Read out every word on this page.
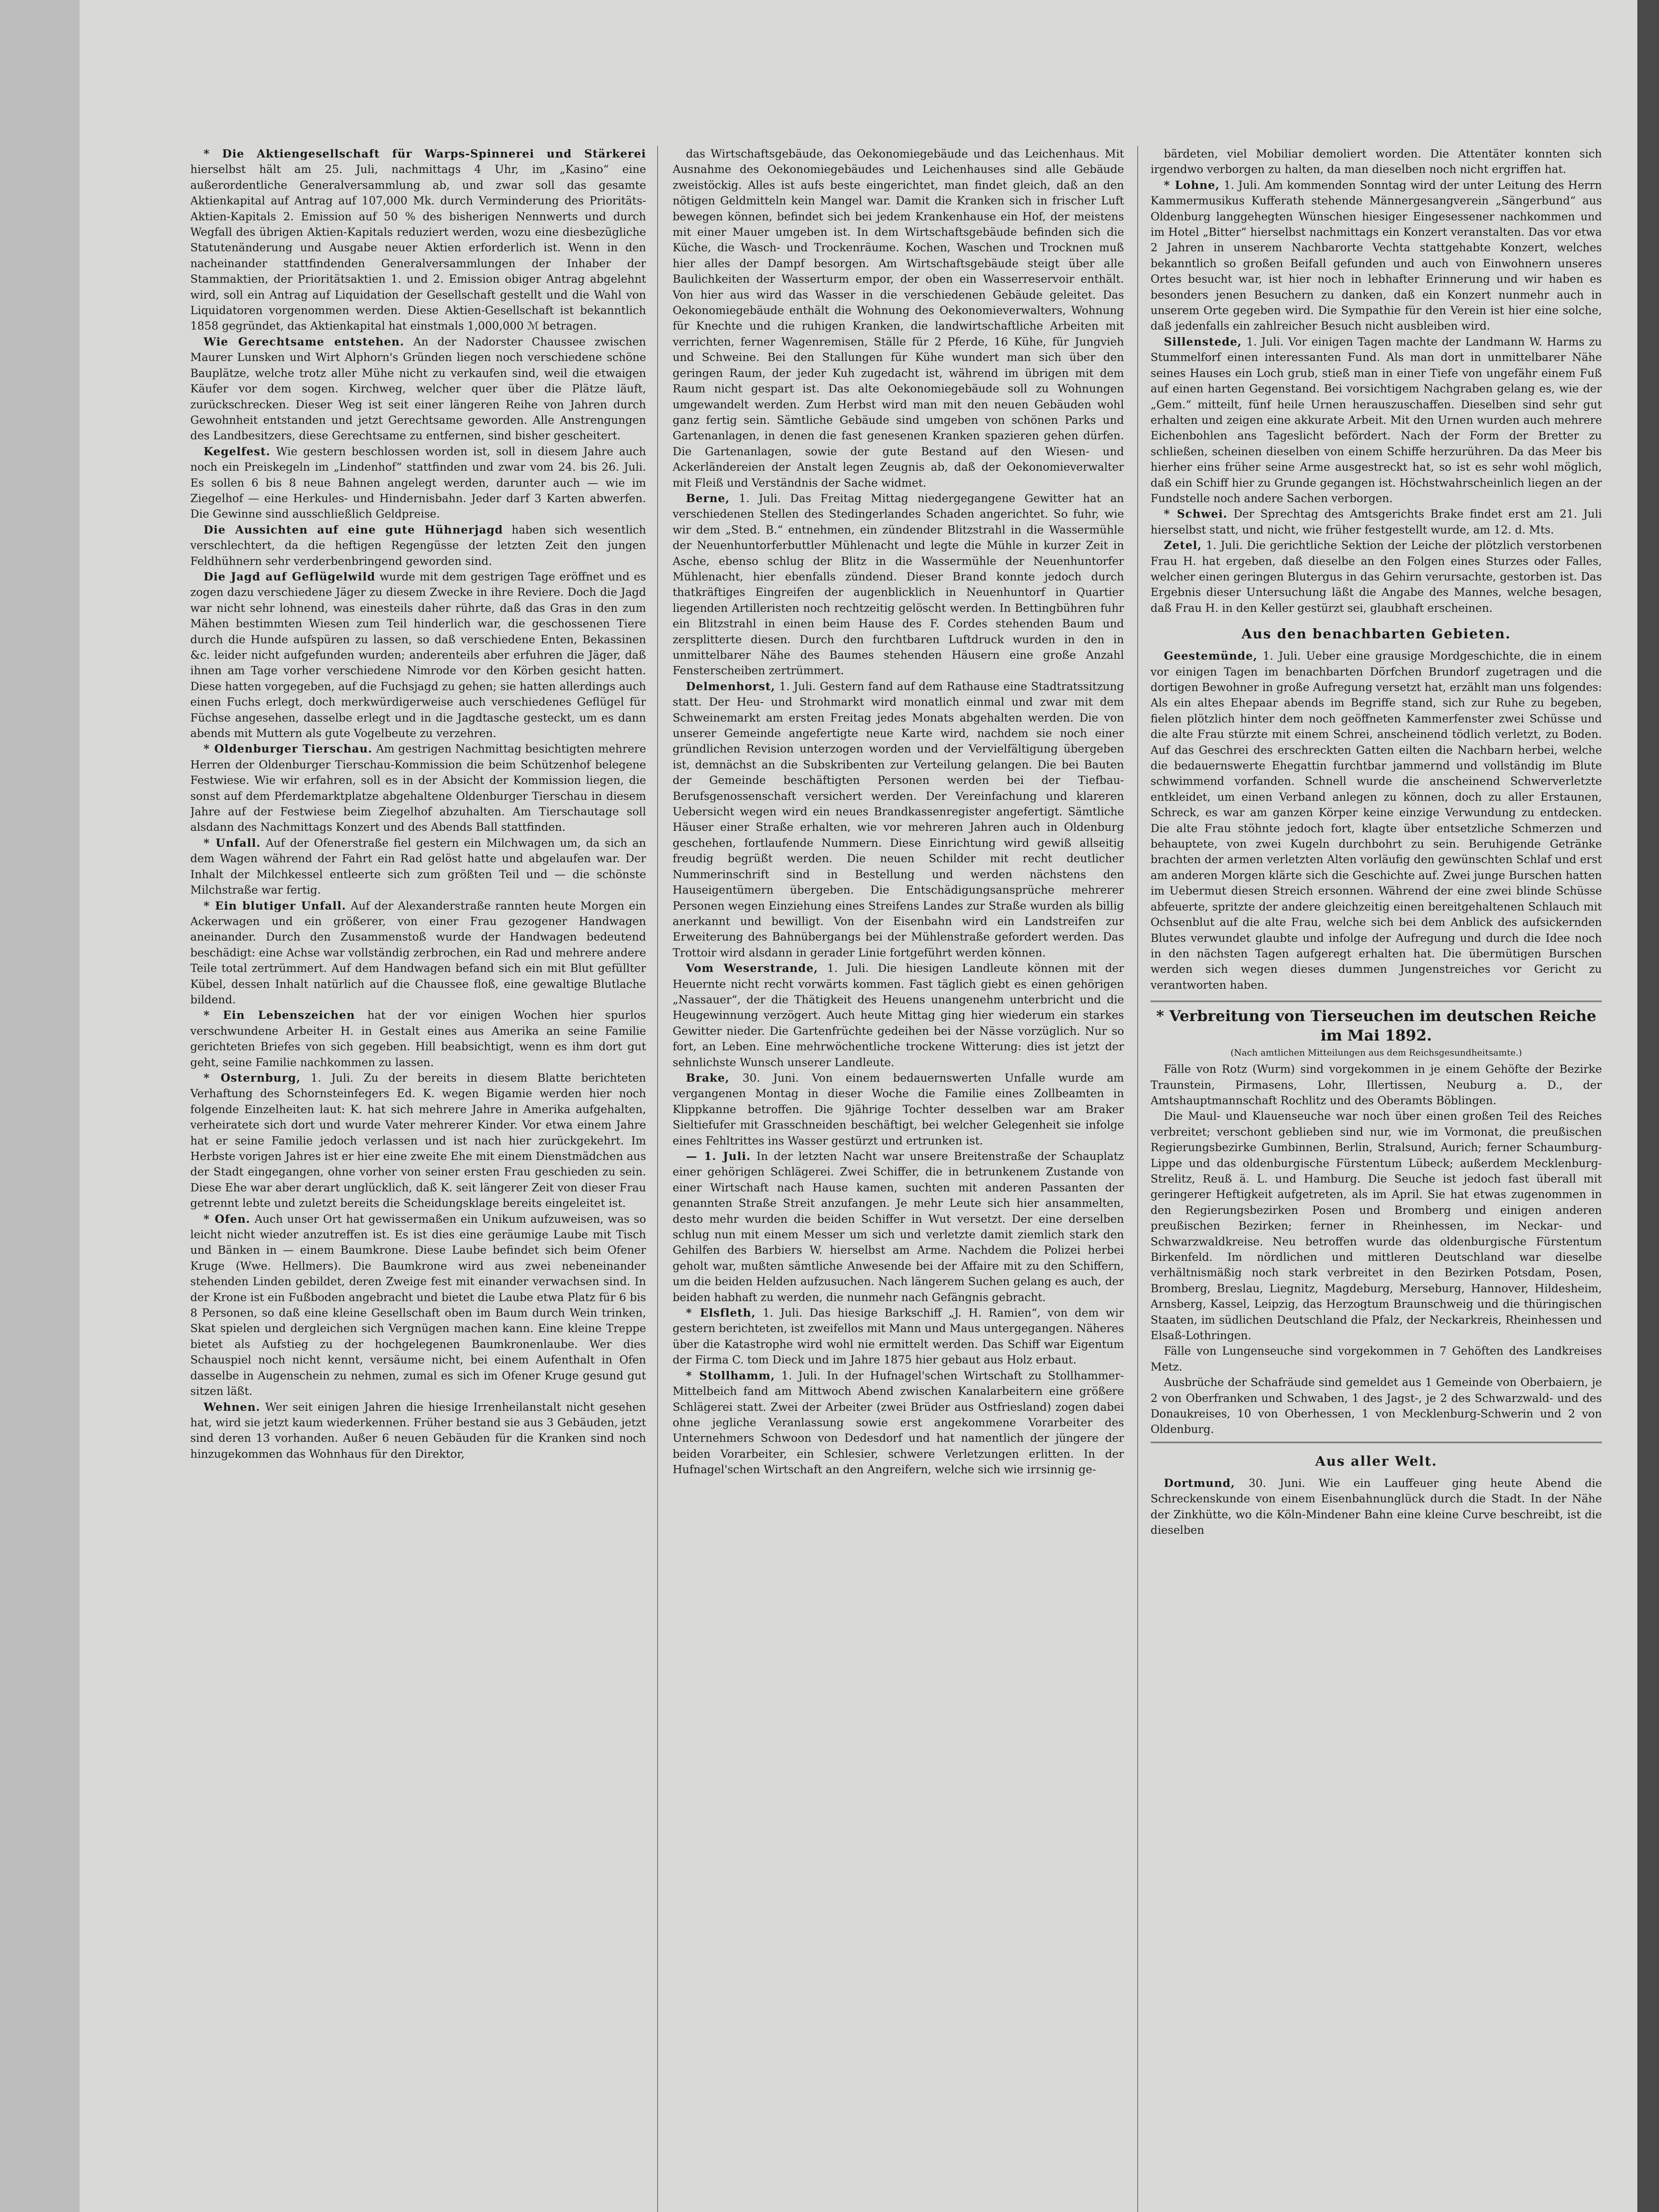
* Die Aktiengesellschaft für Warps-Spinnerei und Stärkerei hierselbst hält am 25. Juli, nachmittags 4 Uhr, im „Kasino“ eine außerordentliche Generalversammlung ab, und zwar soll das gesamte Aktienkapital auf Antrag auf 107,000 Mk. durch Verminderung des Prioritäts-Aktien-Kapitals 2. Emission auf 50 % des bisherigen Nennwerts und durch Wegfall des übrigen Aktien-Kapitals reduziert werden, wozu eine diesbezügliche Statutenänderung und Ausgabe neuer Aktien erforderlich ist. Wenn in den nacheinander stattfindenden Generalversammlungen der Inhaber der Stammaktien, der Prioritätsaktien 1. und 2. Emission obiger Antrag abgelehnt wird, soll ein Antrag auf Liquidation der Gesellschaft gestellt und die Wahl von Liquidatoren vorgenommen werden. Diese Aktien-Gesellschaft ist bekanntlich 1858 gegründet, das Aktienkapital hat einstmals 1,000,000 ℳ betragen.

Wie Gerechtsame entstehen. An der Nadorster Chaussee zwischen Maurer Lunsken und Wirt Alphorn's Gründen liegen noch verschiedene schöne Bauplätze, welche trotz aller Mühe nicht zu verkaufen sind, weil die etwaigen Käufer vor dem sogen. Kirchweg, welcher quer über die Plätze läuft, zurückschrecken. Dieser Weg ist seit einer längeren Reihe von Jahren durch Gewohnheit entstanden und jetzt Gerechtsame geworden. Alle Anstrengungen des Landbesitzers, diese Gerechtsame zu entfernen, sind bisher gescheitert.

Kegelfest. Wie gestern beschlossen worden ist, soll in diesem Jahre auch noch ein Preiskegeln im „Lindenhof“ stattfinden und zwar vom 24. bis 26. Juli. Es sollen 6 bis 8 neue Bahnen angelegt werden, darunter auch — wie im Ziegelhof — eine Herkules- und Hindernisbahn. Jeder darf 3 Karten abwerfen. Die Gewinne sind ausschließlich Geldpreise.

Die Aussichten auf eine gute Hühnerjagd haben sich wesentlich verschlechtert, da die heftigen Regengüsse der letzten Zeit den jungen Feldhühnern sehr verderbenbringend geworden sind.

Die Jagd auf Geflügelwild wurde mit dem gestrigen Tage eröffnet und es zogen dazu verschiedene Jäger zu diesem Zwecke in ihre Reviere. Doch die Jagd war nicht sehr lohnend, was einesteils daher rührte, daß das Gras in den zum Mähen bestimmten Wiesen zum Teil hinderlich war, die geschossenen Tiere durch die Hunde aufspüren zu lassen, so daß verschiedene Enten, Bekassinen &c. leider nicht aufgefunden wurden; anderenteils aber erfuhren die Jäger, daß ihnen am Tage vorher verschiedene Nimrode vor den Körben gesicht hatten. Diese hatten vorgegeben, auf die Fuchsjagd zu gehen; sie hatten allerdings auch einen Fuchs erlegt, doch merkwürdigerweise auch verschiedenes Geflügel für Füchse angesehen, dasselbe erlegt und in die Jagdtasche gesteckt, um es dann abends mit Muttern als gute Vogelbeute zu verzehren.

* Oldenburger Tierschau. Am gestrigen Nachmittag besichtigten mehrere Herren der Oldenburger Tierschau-Kommission die beim Schützenhof belegene Festwiese. Wie wir erfahren, soll es in der Absicht der Kommission liegen, die sonst auf dem Pferdemarktplatze abgehaltene Oldenburger Tierschau in diesem Jahre auf der Festwiese beim Ziegelhof abzuhalten. Am Tierschautage soll alsdann des Nachmittags Konzert und des Abends Ball stattfinden.

* Unfall. Auf der Ofenerstraße fiel gestern ein Milchwagen um, da sich an dem Wagen während der Fahrt ein Rad gelöst hatte und abgelaufen war. Der Inhalt der Milchkessel entleerte sich zum größten Teil und — die schönste Milchstraße war fertig.

* Ein blutiger Unfall. Auf der Alexanderstraße rannten heute Morgen ein Ackerwagen und ein größerer, von einer Frau gezogener Handwagen aneinander. Durch den Zusammenstoß wurde der Handwagen bedeutend beschädigt: eine Achse war vollständig zerbrochen, ein Rad und mehrere andere Teile total zertrümmert. Auf dem Handwagen befand sich ein mit Blut gefüllter Kübel, dessen Inhalt natürlich auf die Chaussee floß, eine gewaltige Blutlache bildend.

* Ein Lebenszeichen hat der vor einigen Wochen hier spurlos verschwundene Arbeiter H. in Gestalt eines aus Amerika an seine Familie gerichteten Briefes von sich gegeben. Hill beabsichtigt, wenn es ihm dort gut geht, seine Familie nachkommen zu lassen.

* Osternburg, 1. Juli. Zu der bereits in diesem Blatte berichteten Verhaftung des Schornsteinfegers Ed. K. wegen Bigamie werden hier noch folgende Einzelheiten laut: K. hat sich mehrere Jahre in Amerika aufgehalten, verheiratete sich dort und wurde Vater mehrerer Kinder. Vor etwa einem Jahre hat er seine Familie jedoch verlassen und ist nach hier zurückgekehrt. Im Herbste vorigen Jahres ist er hier eine zweite Ehe mit einem Dienstmädchen aus der Stadt eingegangen, ohne vorher von seiner ersten Frau geschieden zu sein. Diese Ehe war aber derart unglücklich, daß K. seit längerer Zeit von dieser Frau getrennt lebte und zuletzt bereits die Scheidungsklage bereits eingeleitet ist.

* Ofen. Auch unser Ort hat gewissermaßen ein Unikum aufzuweisen, was so leicht nicht wieder anzutreffen ist. Es ist dies eine geräumige Laube mit Tisch und Bänken in — einem Baumkrone. Diese Laube befindet sich beim Ofener Kruge (Wwe. Hellmers). Die Baumkrone wird aus zwei nebeneinander stehenden Linden gebildet, deren Zweige fest mit einander verwachsen sind. In der Krone ist ein Fußboden angebracht und bietet die Laube etwa Platz für 6 bis 8 Personen, so daß eine kleine Gesellschaft oben im Baum durch Wein trinken, Skat spielen und dergleichen sich Vergnügen machen kann. Eine kleine Treppe bietet als Aufstieg zu der hochgelegenen Baumkronenlaube. Wer dies Schauspiel noch nicht kennt, versäume nicht, bei einem Aufenthalt in Ofen dasselbe in Augenschein zu nehmen, zumal es sich im Ofener Kruge gesund gut sitzen läßt.

Wehnen. Wer seit einigen Jahren die hiesige Irrenheilanstalt nicht gesehen hat, wird sie jetzt kaum wiederkennen. Früher bestand sie aus 3 Gebäuden, jetzt sind deren 13 vorhanden. Außer 6 neuen Gebäuden für die Kranken sind noch hinzugekommen das Wohnhaus für den Direktor,

das Wirtschaftsgebäude, das Oekonomiegebäude und das Leichenhaus. Mit Ausnahme des Oekonomiegebäudes und Leichenhauses sind alle Gebäude zweistöckig. Alles ist aufs beste eingerichtet, man findet gleich, daß an den nötigen Geldmitteln kein Mangel war. Damit die Kranken sich in frischer Luft bewegen können, befindet sich bei jedem Krankenhause ein Hof, der meistens mit einer Mauer umgeben ist. In dem Wirtschaftsgebäude befinden sich die Küche, die Wasch- und Trockenräume. Kochen, Waschen und Trocknen muß hier alles der Dampf besorgen. Am Wirtschaftsgebäude steigt über alle Baulichkeiten der Wasserturm empor, der oben ein Wasserreservoir enthält. Von hier aus wird das Wasser in die verschiedenen Gebäude geleitet. Das Oekonomiegebäude enthält die Wohnung des Oekonomieverwalters, Wohnung für Knechte und die ruhigen Kranken, die landwirtschaftliche Arbeiten mit verrichten, ferner Wagenremisen, Ställe für 2 Pferde, 16 Kühe, für Jungvieh und Schweine. Bei den Stallungen für Kühe wundert man sich über den geringen Raum, der jeder Kuh zugedacht ist, während im übrigen mit dem Raum nicht gespart ist. Das alte Oekonomiegebäude soll zu Wohnungen umgewandelt werden. Zum Herbst wird man mit den neuen Gebäuden wohl ganz fertig sein. Sämtliche Gebäude sind umgeben von schönen Parks und Gartenanlagen, in denen die fast genesenen Kranken spazieren gehen dürfen. Die Gartenanlagen, sowie der gute Bestand auf den Wiesen- und Ackerländereien der Anstalt legen Zeugnis ab, daß der Oekonomieverwalter mit Fleiß und Verständnis der Sache widmet.

Berne, 1. Juli. Das Freitag Mittag niedergegangene Gewitter hat an verschiedenen Stellen des Stedingerlandes Schaden angerichtet. So fuhr, wie wir dem „Sted. B.“ entnehmen, ein zündender Blitzstrahl in die Wassermühle der Neuenhuntorferbuttler Mühlenacht und legte die Mühle in kurzer Zeit in Asche, ebenso schlug der Blitz in die Wassermühle der Neuenhuntorfer Mühlenacht, hier ebenfalls zündend. Dieser Brand konnte jedoch durch thatkräftiges Eingreifen der augenblicklich in Neuenhuntorf in Quartier liegenden Artilleristen noch rechtzeitig gelöscht werden. In Bettingbühren fuhr ein Blitzstrahl in einen beim Hause des F. Cordes stehenden Baum und zersplitterte diesen. Durch den furchtbaren Luftdruck wurden in den in unmittelbarer Nähe des Baumes stehenden Häusern eine große Anzahl Fensterscheiben zertrümmert.

Delmenhorst, 1. Juli. Gestern fand auf dem Rathause eine Stadtratssitzung statt. Der Heu- und Strohmarkt wird monatlich einmal und zwar mit dem Schweinemarkt am ersten Freitag jedes Monats abgehalten werden. Die von unserer Gemeinde angefertigte neue Karte wird, nachdem sie noch einer gründlichen Revision unterzogen worden und der Vervielfältigung übergeben ist, demnächst an die Subskribenten zur Verteilung gelangen. Die bei Bauten der Gemeinde beschäftigten Personen werden bei der Tiefbau-Berufsgenossenschaft versichert werden. Der Vereinfachung und klareren Uebersicht wegen wird ein neues Brandkassenregister angefertigt. Sämtliche Häuser einer Straße erhalten, wie vor mehreren Jahren auch in Oldenburg geschehen, fortlaufende Nummern. Diese Einrichtung wird gewiß allseitig freudig begrüßt werden. Die neuen Schilder mit recht deutlicher Nummerinschrift sind in Bestellung und werden nächstens den Hauseigentümern übergeben. Die Entschädigungsansprüche mehrerer Personen wegen Einziehung eines Streifens Landes zur Straße wurden als billig anerkannt und bewilligt. Von der Eisenbahn wird ein Landstreifen zur Erweiterung des Bahnübergangs bei der Mühlenstraße gefordert werden. Das Trottoir wird alsdann in gerader Linie fortgeführt werden können.

Vom Weserstrande, 1. Juli. Die hiesigen Landleute können mit der Heuernte nicht recht vorwärts kommen. Fast täglich giebt es einen gehörigen „Nassauer“, der die Thätigkeit des Heuens unangenehm unterbricht und die Heugewinnung verzögert. Auch heute Mittag ging hier wiederum ein starkes Gewitter nieder. Die Gartenfrüchte gedeihen bei der Nässe vorzüglich. Nur so fort, an Leben. Eine mehrwöchentliche trockene Witterung: dies ist jetzt der sehnlichste Wunsch unserer Landleute.

Brake, 30. Juni. Von einem bedauernswerten Unfalle wurde am vergangenen Montag in dieser Woche die Familie eines Zollbeamten in Klippkanne betroffen. Die 9jährige Tochter desselben war am Braker Sieltiefufer mit Grasschneiden beschäftigt, bei welcher Gelegenheit sie infolge eines Fehltrittes ins Wasser gestürzt und ertrunken ist.

— 1. Juli. In der letzten Nacht war unsere Breitenstraße der Schauplatz einer gehörigen Schlägerei. Zwei Schiffer, die in betrunkenem Zustande von einer Wirtschaft nach Hause kamen, suchten mit anderen Passanten der genannten Straße Streit anzufangen. Je mehr Leute sich hier ansammelten, desto mehr wurden die beiden Schiffer in Wut versetzt. Der eine derselben schlug nun mit einem Messer um sich und verletzte damit ziemlich stark den Gehilfen des Barbiers W. hierselbst am Arme. Nachdem die Polizei herbei geholt war, mußten sämtliche Anwesende bei der Affaire mit zu den Schiffern, um die beiden Helden aufzusuchen. Nach längerem Suchen gelang es auch, der beiden habhaft zu werden, die nunmehr nach Gefängnis gebracht.

* Elsfleth, 1. Juli. Das hiesige Barkschiff „J. H. Ramien“, von dem wir gestern berichteten, ist zweifellos mit Mann und Maus untergegangen. Näheres über die Katastrophe wird wohl nie ermittelt werden. Das Schiff war Eigentum der Firma C. tom Dieck und im Jahre 1875 hier gebaut aus Holz erbaut.

* Stollhamm, 1. Juli. In der Hufnagel'schen Wirtschaft zu Stollhammer-Mittelbeich fand am Mittwoch Abend zwischen Kanalarbeitern eine größere Schlägerei statt. Zwei der Arbeiter (zwei Brüder aus Ostfriesland) zogen dabei ohne jegliche Veranlassung sowie erst angekommene Vorarbeiter des Unternehmers Schwoon von Dedesdorf und hat namentlich der jüngere der beiden Vorarbeiter, ein Schlesier, schwere Verletzungen erlitten. In der Hufnagel'schen Wirtschaft an den Angreifern, welche sich wie irrsinnig ge-

bärdeten, viel Mobiliar demoliert worden. Die Attentäter konnten sich irgendwo verborgen zu halten, da man dieselben noch nicht ergriffen hat.

* Lohne, 1. Juli. Am kommenden Sonntag wird der unter Leitung des Herrn Kammermusikus Kufferath stehende Männergesangverein „Sängerbund“ aus Oldenburg langgehegten Wünschen hiesiger Eingesessener nachkommen und im Hotel „Bitter“ hierselbst nachmittags ein Konzert veranstalten. Das vor etwa 2 Jahren in unserem Nachbarorte Vechta stattgehabte Konzert, welches bekanntlich so großen Beifall gefunden und auch von Einwohnern unseres Ortes besucht war, ist hier noch in lebhafter Erinnerung und wir haben es besonders jenen Besuchern zu danken, daß ein Konzert nunmehr auch in unserem Orte gegeben wird. Die Sympathie für den Verein ist hier eine solche, daß jedenfalls ein zahlreicher Besuch nicht ausbleiben wird.

Sillenstede, 1. Juli. Vor einigen Tagen machte der Landmann W. Harms zu Stummelforf einen interessanten Fund. Als man dort in unmittelbarer Nähe seines Hauses ein Loch grub, stieß man in einer Tiefe von ungefähr einem Fuß auf einen harten Gegenstand. Bei vorsichtigem Nachgraben gelang es, wie der „Gem.“ mitteilt, fünf heile Urnen herauszuschaffen. Dieselben sind sehr gut erhalten und zeigen eine akkurate Arbeit. Mit den Urnen wurden auch mehrere Eichenbohlen ans Tageslicht befördert. Nach der Form der Bretter zu schließen, scheinen dieselben von einem Schiffe herzurühren. Da das Meer bis hierher eins früher seine Arme ausgestreckt hat, so ist es sehr wohl möglich, daß ein Schiff hier zu Grunde gegangen ist. Höchstwahrscheinlich liegen an der Fundstelle noch andere Sachen verborgen.

* Schwei. Der Sprechtag des Amtsgerichts Brake findet erst am 21. Juli hierselbst statt, und nicht, wie früher festgestellt wurde, am 12. d. Mts.

Zetel, 1. Juli. Die gerichtliche Sektion der Leiche der plötzlich verstorbenen Frau H. hat ergeben, daß dieselbe an den Folgen eines Sturzes oder Falles, welcher einen geringen Blutergus in das Gehirn verursachte, gestorben ist. Das Ergebnis dieser Untersuchung läßt die Angabe des Mannes, welche besagen, daß Frau H. in den Keller gestürzt sei, glaubhaft erscheinen.

Aus den benachbarten Gebieten.

Geestemünde, 1. Juli. Ueber eine grausige Mordgeschichte, die in einem vor einigen Tagen im benachbarten Dörfchen Brundorf zugetragen und die dortigen Bewohner in große Aufregung versetzt hat, erzählt man uns folgendes: Als ein altes Ehepaar abends im Begriffe stand, sich zur Ruhe zu begeben, fielen plötzlich hinter dem noch geöffneten Kammerfenster zwei Schüsse und die alte Frau stürzte mit einem Schrei, anscheinend tödlich verletzt, zu Boden. Auf das Geschrei des erschreckten Gatten eilten die Nachbarn herbei, welche die bedauernswerte Ehegattin furchtbar jammernd und vollständig im Blute schwimmend vorfanden. Schnell wurde die anscheinend Schwerverletzte entkleidet, um einen Verband anlegen zu können, doch zu aller Erstaunen, Schreck, es war am ganzen Körper keine einzige Verwundung zu entdecken. Die alte Frau stöhnte jedoch fort, klagte über entsetzliche Schmerzen und behauptete, von zwei Kugeln durchbohrt zu sein. Beruhigende Getränke brachten der armen verletzten Alten vorläufig den gewünschten Schlaf und erst am anderen Morgen klärte sich die Geschichte auf. Zwei junge Burschen hatten im Uebermut diesen Streich ersonnen. Während der eine zwei blinde Schüsse abfeuerte, spritzte der andere gleichzeitig einen bereitgehaltenen Schlauch mit Ochsenblut auf die alte Frau, welche sich bei dem Anblick des aufsickernden Blutes verwundet glaubte und infolge der Aufregung und durch die Idee noch in den nächsten Tagen aufgeregt erhalten hat. Die übermütigen Burschen werden sich wegen dieses dummen Jungenstreiches vor Gericht zu verantworten haben.

* Verbreitung von Tierseuchen im deutschen Reiche im Mai 1892.
(Nach amtlichen Mitteilungen aus dem Reichsgesundheitsamte.)

Fälle von Rotz (Wurm) sind vorgekommen in je einem Gehöfte der Bezirke Traunstein, Pirmasens, Lohr, Illertissen, Neuburg a. D., der Amtshauptmannschaft Rochlitz und des Oberamts Böblingen.

Die Maul- und Klauenseuche war noch über einen großen Teil des Reiches verbreitet; verschont geblieben sind nur, wie im Vormonat, die preußischen Regierungsbezirke Gumbinnen, Berlin, Stralsund, Aurich; ferner Schaumburg-Lippe und das oldenburgische Fürstentum Lübeck; außerdem Mecklenburg-Strelitz, Reuß ä. L. und Hamburg. Die Seuche ist jedoch fast überall mit geringerer Heftigkeit aufgetreten, als im April. Sie hat etwas zugenommen in den Regierungsbezirken Posen und Bromberg und einigen anderen preußischen Bezirken; ferner in Rheinhessen, im Neckar- und Schwarzwaldkreise. Neu betroffen wurde das oldenburgische Fürstentum Birkenfeld. Im nördlichen und mittleren Deutschland war dieselbe verhältnismäßig noch stark verbreitet in den Bezirken Potsdam, Posen, Bromberg, Breslau, Liegnitz, Magdeburg, Merseburg, Hannover, Hildesheim, Arnsberg, Kassel, Leipzig, das Herzogtum Braunschweig und die thüringischen Staaten, im südlichen Deutschland die Pfalz, der Neckarkreis, Rheinhessen und Elsaß-Lothringen.

Fälle von Lungenseuche sind vorgekommen in 7 Gehöften des Landkreises Metz.

Ausbrüche der Schafräude sind gemeldet aus 1 Gemeinde von Oberbaiern, je 2 von Oberfranken und Schwaben, 1 des Jagst-, je 2 des Schwarzwald- und des Donaukreises, 10 von Oberhessen, 1 von Mecklenburg-Schwerin und 2 von Oldenburg.

Aus aller Welt.

Dortmund, 30. Juni. Wie ein Lauffeuer ging heute Abend die Schreckenskunde von einem Eisenbahnunglück durch die Stadt. In der Nähe der Zinkhütte, wo die Köln-Mindener Bahn eine kleine Curve beschreibt, ist die dieselben
